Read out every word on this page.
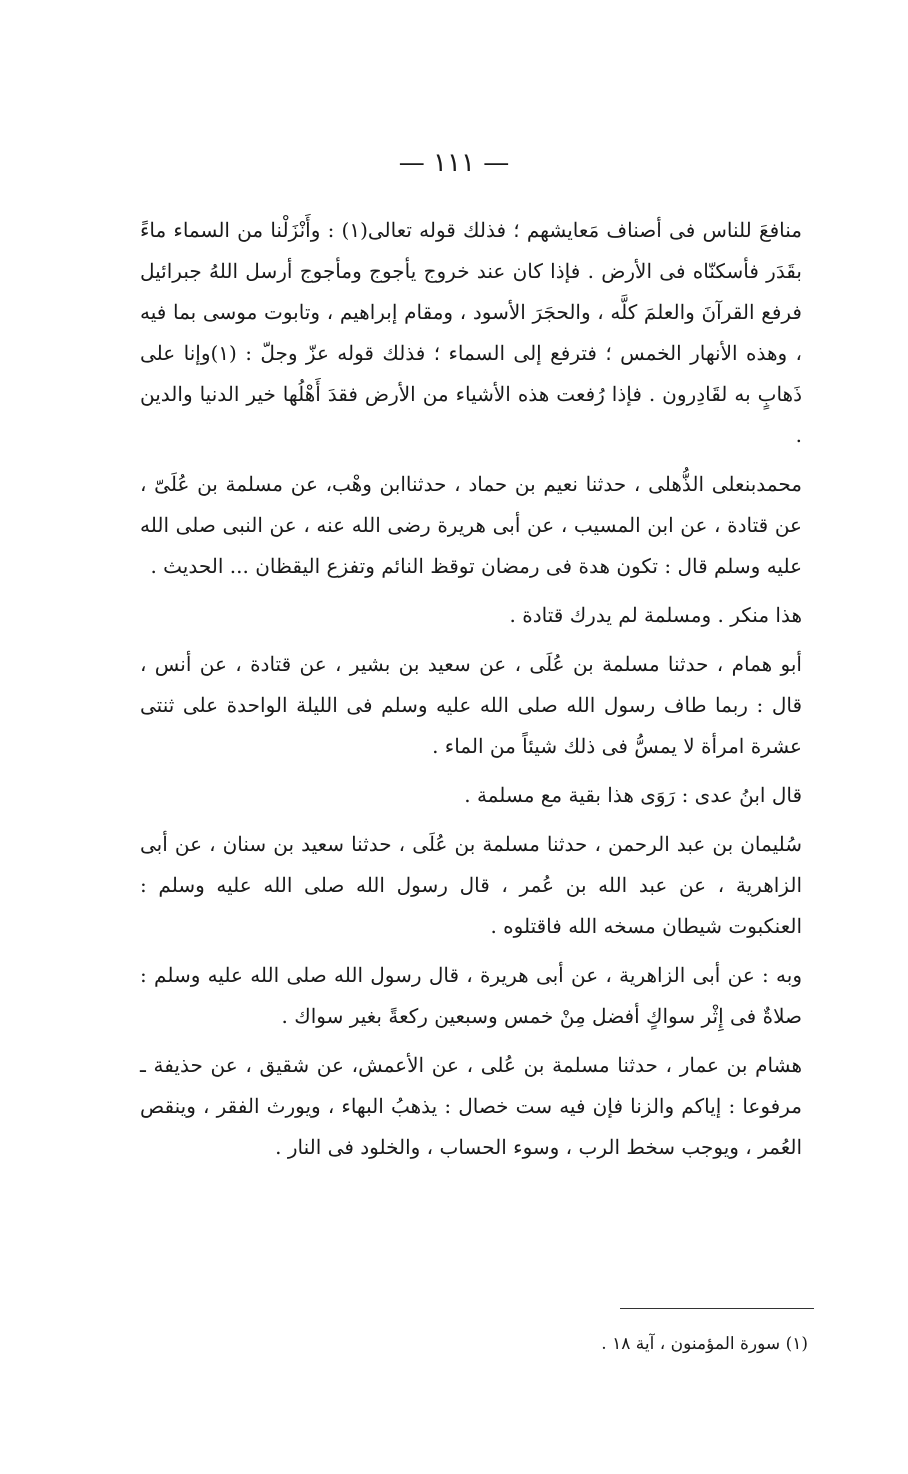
— ١١١ —

منافعَ للناس فى أصناف مَعايشهم ؛ فذلك قوله تعالى(١) : وأَنْزَلْنا من السماء ماءً بقَدَر فأسكنّاه فى الأرض . فإذا كان عند خروج يأجوج ومأجوج أرسل اللهُ جبرائيل فرفع القرآنَ والعلمَ كلَّه ، والحجَرَ الأسود ، ومقام إبراهيم ، وتابوت موسى بما فيه ، وهذه الأنهار الخمس ؛ فترفع إلى السماء ؛ فذلك قوله عزّ وجلّ : (١)وإنا على ذَهابٍ به لقَادِرون . فإذا رُفعت هذه الأشياء من الأرض فقدَ أَهْلُها خير الدنيا والدين .

محمدبنعلى الذُّهلى ، حدثنا نعيم بن حماد ، حدثناابن وهْب، عن مسلمة بن عُلَىّ ، عن قتادة ، عن ابن المسيب ، عن أبى هريرة رضى الله عنه ، عن النبى صلى الله عليه وسلم قال : تكون هدة فى رمضان توقظ النائم وتفزع اليقظان ... الحديث .

هذا منكر . ومسلمة لم يدرك قتادة .

أبو همام ، حدثنا مسلمة بن عُلَى ، عن سعيد بن بشير ، عن قتادة ، عن أنس ، قال : ربما طاف رسول الله صلى الله عليه وسلم فى الليلة الواحدة على ثنتى عشرة امرأة لا يمسُّ فى ذلك شيئاً من الماء .

قال ابنُ عدى : رَوَى هذا بقية مع مسلمة .

سُليمان بن عبد الرحمن ، حدثنا مسلمة بن عُلَى ، حدثنا سعيد بن سنان ، عن أبى الزاهرية ، عن عبد الله بن عُمر ، قال رسول الله صلى الله عليه وسلم : العنكبوت شيطان مسخه الله فاقتلوه .

وبه : عن أبى الزاهرية ، عن أبى هريرة ، قال رسول الله صلى الله عليه وسلم : صلاةٌ فى إِثْر سواكٍ أفضل مِنْ خمس وسبعين ركعةً بغير سواك .

هشام بن عمار ، حدثنا مسلمة بن عُلى ، عن الأعمش، عن شقيق ، عن حذيفة ـ مرفوعا : إياكم والزنا فإن فيه ست خصال : يذهبُ البهاء ، ويورث الفقر ، وينقص العُمر ، ويوجب سخط الرب ، وسوء الحساب ، والخلود فى النار .

(١) سورة المؤمنون ، آية ١٨ .
